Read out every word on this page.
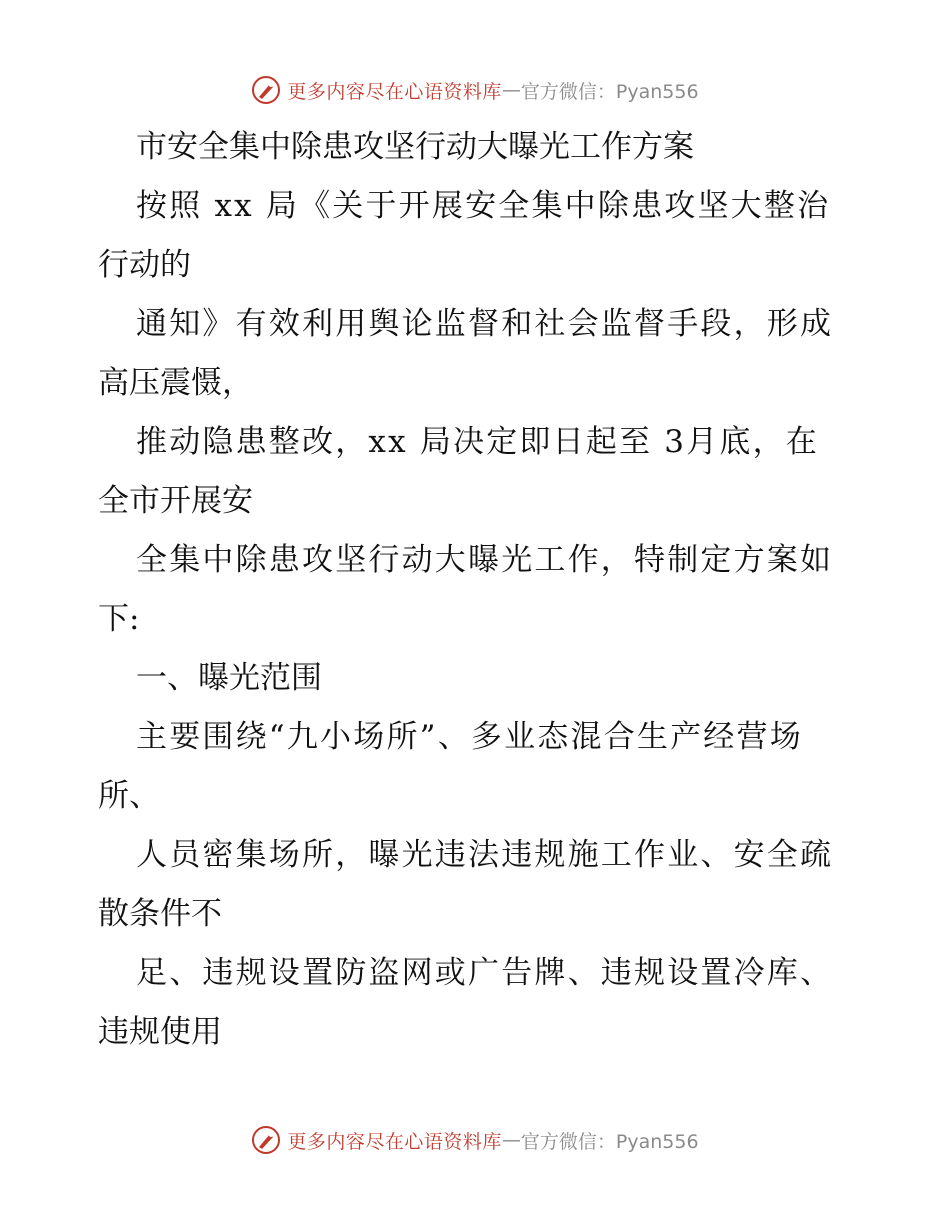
更多内容尽在心语资料库 — 官方微信：Pyan556
市安全集中除患攻坚行动大曝光工作方案
按照 xx 局《关于开展安全集中除患攻坚大整治
行动的
通知》有效利用舆论监督和社会监督手段，形成
高压震慑，
推动隐患整改，xx 局决定即日起至 3月底，在
全市开展安
全集中除患攻坚行动大曝光工作，特制定方案如
下:
一、曝光范围
主要围绕“九小场所”、多业态混合生产经营场
所、
人员密集场所，曝光违法违规施工作业、安全疏
散条件不
足、违规设置防盗网或广告牌、违规设置冷库、
违规使用
更多内容尽在心语资料库 — 官方微信：Pyan556
